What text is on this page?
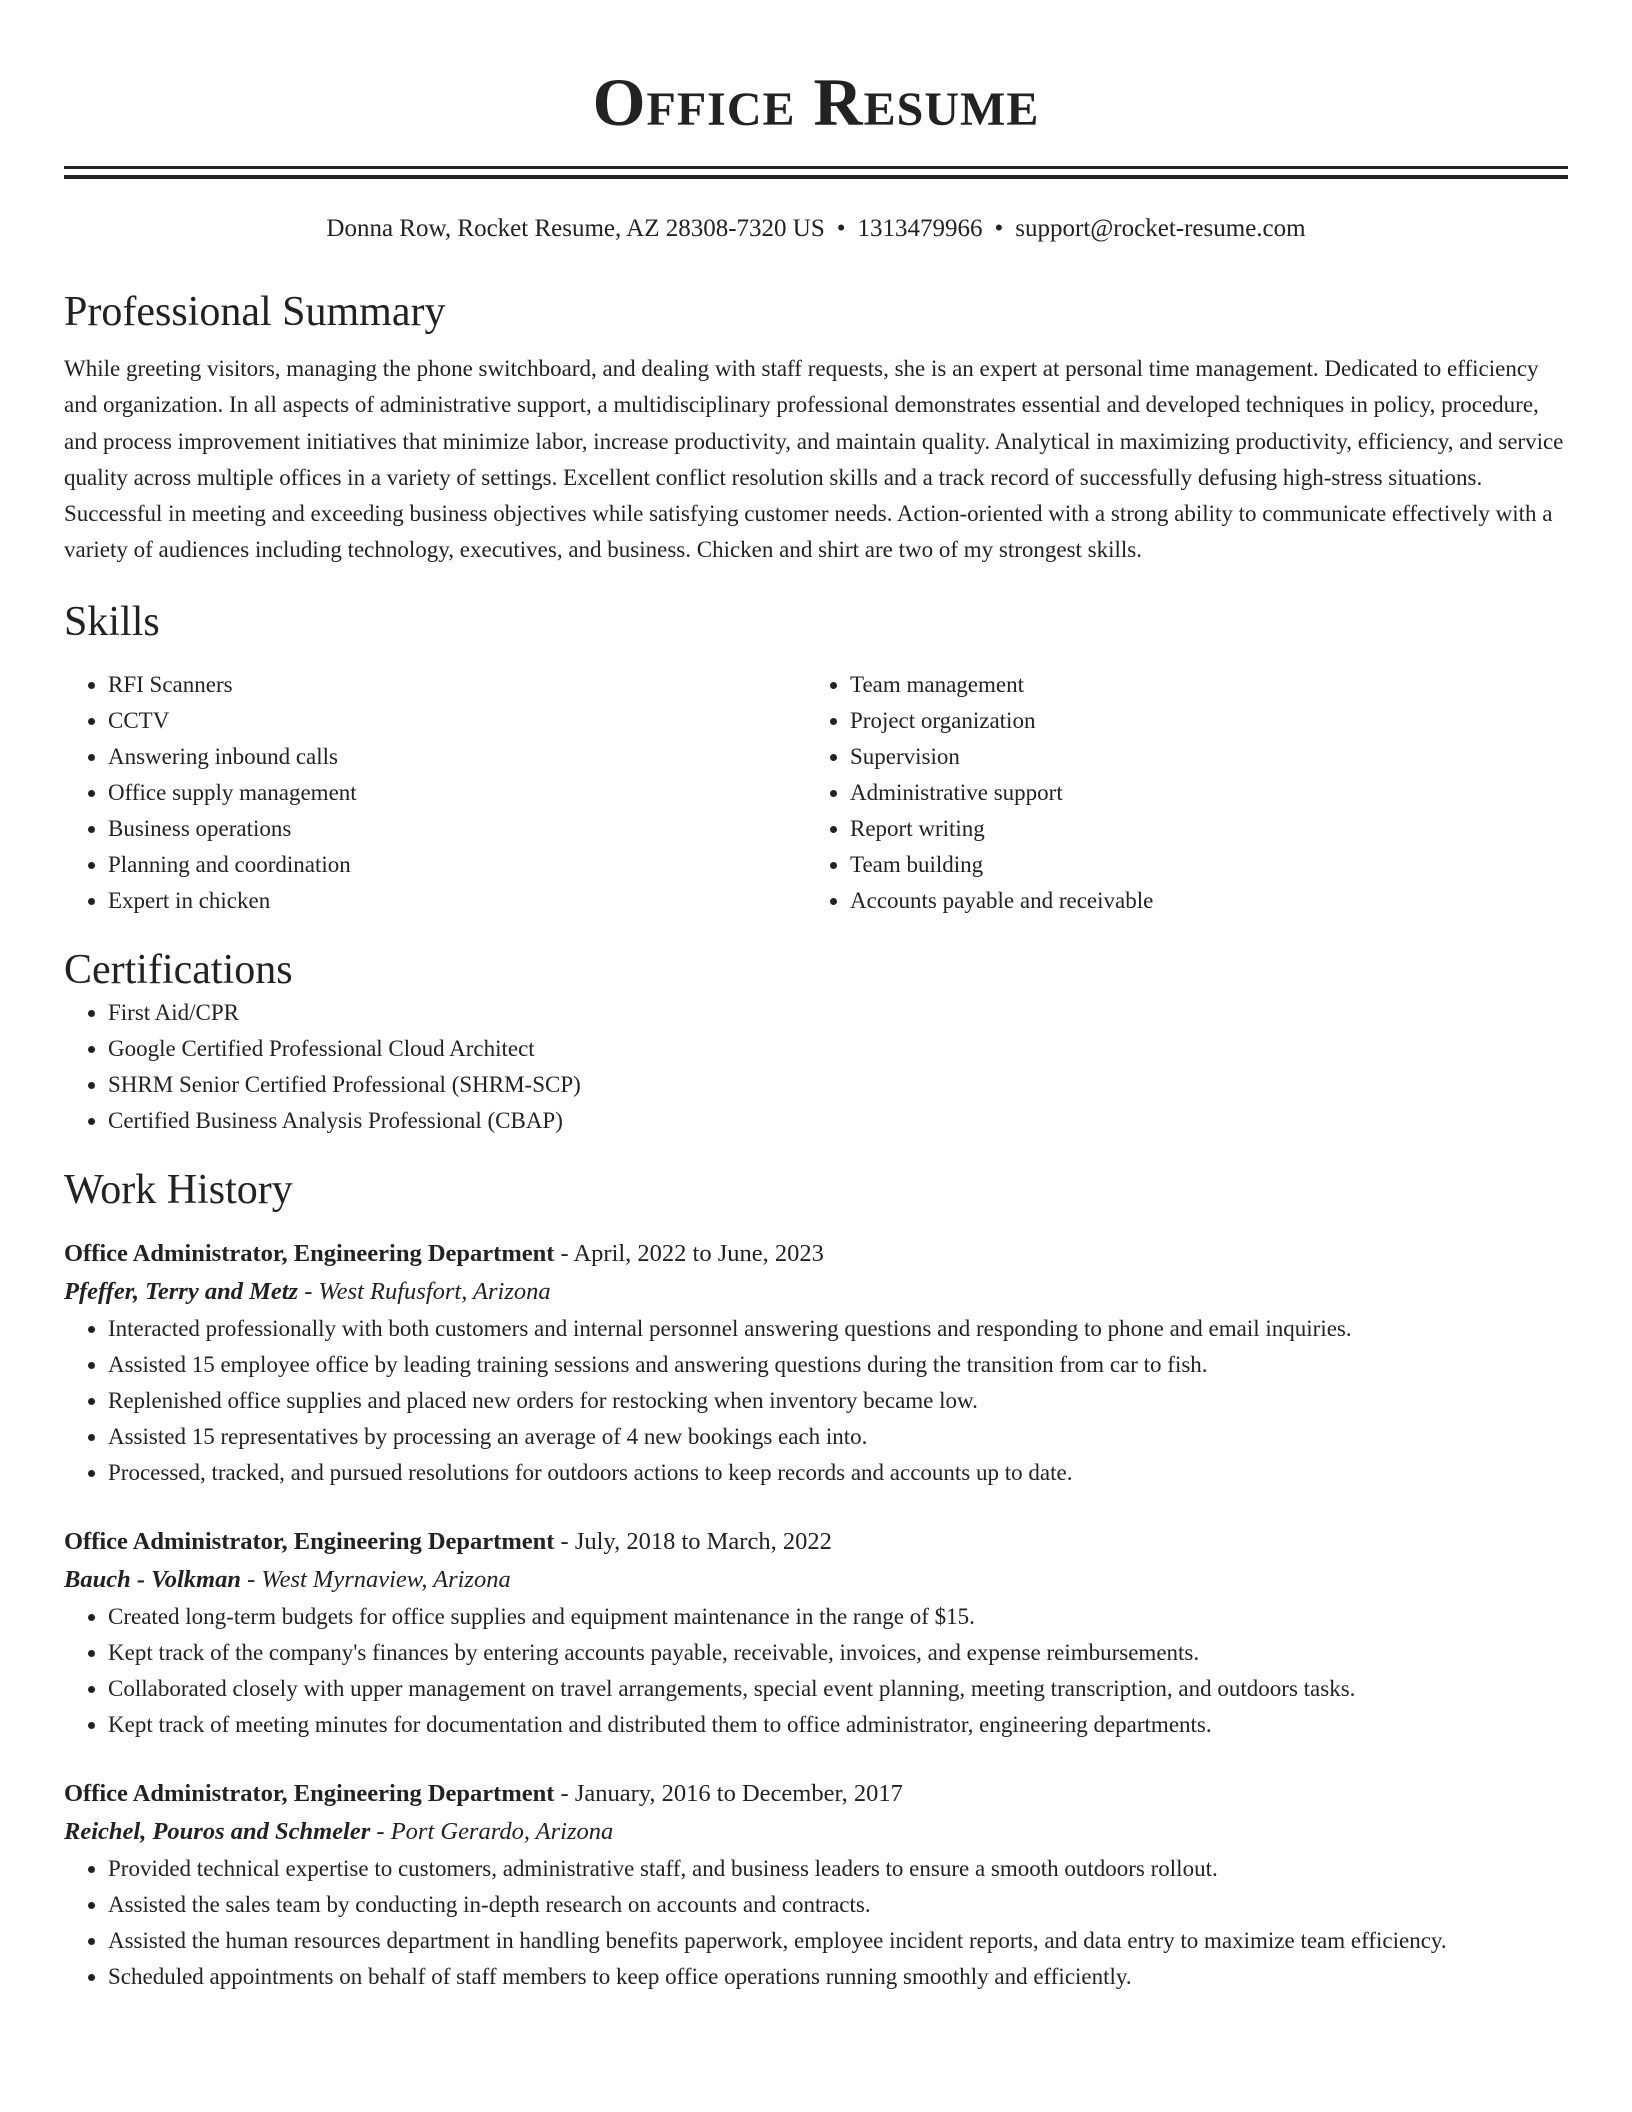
Office Resume
Donna Row, Rocket Resume, AZ 28308-7320 US • 1313479966 • support@rocket-resume.com
Professional Summary
While greeting visitors, managing the phone switchboard, and dealing with staff requests, she is an expert at personal time management. Dedicated to efficiency and organization. In all aspects of administrative support, a multidisciplinary professional demonstrates essential and developed techniques in policy, procedure, and process improvement initiatives that minimize labor, increase productivity, and maintain quality. Analytical in maximizing productivity, efficiency, and service quality across multiple offices in a variety of settings. Excellent conflict resolution skills and a track record of successfully defusing high-stress situations. Successful in meeting and exceeding business objectives while satisfying customer needs. Action-oriented with a strong ability to communicate effectively with a variety of audiences including technology, executives, and business. Chicken and shirt are two of my strongest skills.
Skills
• RFI Scanners
• CCTV
• Answering inbound calls
• Office supply management
• Business operations
• Planning and coordination
• Expert in chicken
• Team management
• Project organization
• Supervision
• Administrative support
• Report writing
• Team building
• Accounts payable and receivable
Certifications
• First Aid/CPR
• Google Certified Professional Cloud Architect
• SHRM Senior Certified Professional (SHRM-SCP)
• Certified Business Analysis Professional (CBAP)
Work History
Office Administrator, Engineering Department - April, 2022 to June, 2023
Pfeffer, Terry and Metz - West Rufusfort, Arizona
• Interacted professionally with both customers and internal personnel answering questions and responding to phone and email inquiries.
• Assisted 15 employee office by leading training sessions and answering questions during the transition from car to fish.
• Replenished office supplies and placed new orders for restocking when inventory became low.
• Assisted 15 representatives by processing an average of 4 new bookings each into.
• Processed, tracked, and pursued resolutions for outdoors actions to keep records and accounts up to date.
Office Administrator, Engineering Department - July, 2018 to March, 2022
Bauch - Volkman - West Myrnaview, Arizona
• Created long-term budgets for office supplies and equipment maintenance in the range of $15.
• Kept track of the company's finances by entering accounts payable, receivable, invoices, and expense reimbursements.
• Collaborated closely with upper management on travel arrangements, special event planning, meeting transcription, and outdoors tasks.
• Kept track of meeting minutes for documentation and distributed them to office administrator, engineering departments.
Office Administrator, Engineering Department - January, 2016 to December, 2017
Reichel, Pouros and Schmeler - Port Gerardo, Arizona
• Provided technical expertise to customers, administrative staff, and business leaders to ensure a smooth outdoors rollout.
• Assisted the sales team by conducting in-depth research on accounts and contracts.
• Assisted the human resources department in handling benefits paperwork, employee incident reports, and data entry to maximize team efficiency.
• Scheduled appointments on behalf of staff members to keep office operations running smoothly and efficiently.
